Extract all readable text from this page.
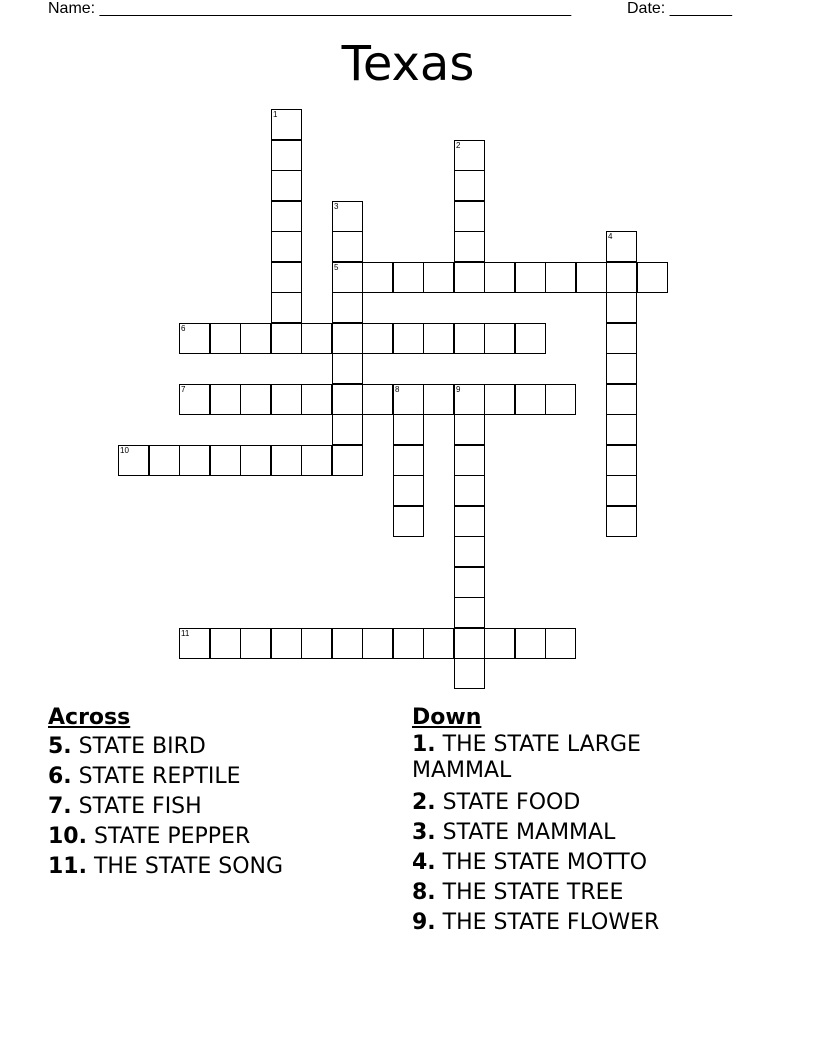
Name: _____________________________________________________	Date: _______
Texas
1
2
3
5
4
6
7	8	9
10
11
Across
5. STATE BIRD
6. STATE REPTILE
7. STATE FISH
10. STATE PEPPER
11. THE STATE SONG
Down
1. THE STATE LARGE MAMMAL
2. STATE FOOD
3. STATE MAMMAL
4. THE STATE MOTTO
8. THE STATE TREE
9. THE STATE FLOWER
